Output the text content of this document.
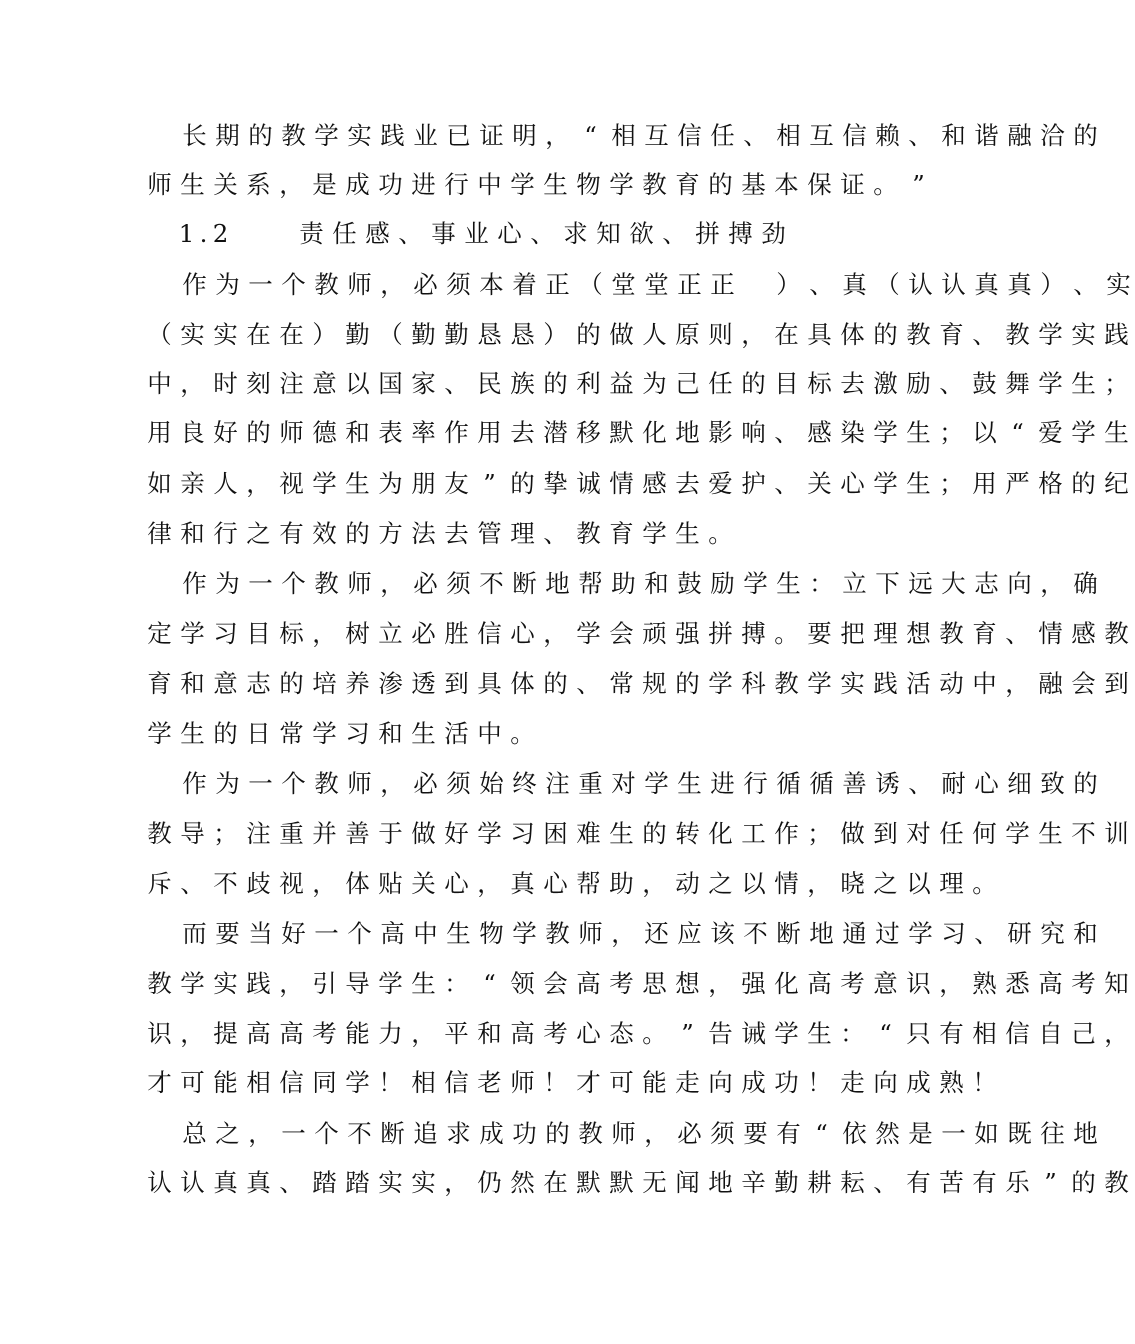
长 期 的 教 学 实 践 业 已 证 明 ， “ 相 互 信 任 、 相 互 信 赖 、 和 谐 融 洽 的
师 生 关 系 ， 是 成 功 进 行 中 学 生 物 学 教 育 的 基 本 保 证 。 ”
1 . 2

　	责 任 感 、 事 业 心 、 求 知 欲 、 拼 搏 劲
作 为 一 个 教 师 ， 必 须 本 着 正 （ 堂 堂 正 正
　 ） 、 真 （ 认 认 真 真 ） 、 实
（ 实 实 在 在 ） 勤 （ 勤 勤 恳 恳 ） 的 做 人 原 则 ， 在 具 体 的 教 育 、 教 学 实 践
中 ， 时 刻 注 意 以 国 家 、 民 族 的 利 益 为 己 任 的 目 标 去 激 励 、 鼓 舞 学 生 ；
用 良 好 的 师 德 和 表 率 作 用 去 潜 移 默 化 地 影 响 、 感 染 学 生 ； 以 “ 爱 学 生
如 亲 人 ， 视 学 生 为 朋 友 ” 的 挚 诚 情 感 去 爱 护 、 关 心 学 生 ； 用 严 格 的 纪
律 和 行 之 有 效 的 方 法 去 管 理 、 教 育 学 生 。
作 为 一 个 教 师 ， 必 须 不 断 地 帮 助 和 鼓 励 学 生 ： 立 下 远 大 志 向 ， 确
定 学 习 目 标 ， 树 立 必 胜 信 心 ， 学 会 顽 强 拼 搏 。 要 把 理 想 教 育 、 情 感 教
育 和 意 志 的 培 养 渗 透 到 具 体 的 、 常 规 的 学 科 教 学 实 践 活 动 中 ， 融 会 到
学 生 的 日 常 学 习 和 生 活 中 。
作 为 一 个 教 师 ， 必 须 始 终 注 重 对 学 生 进 行 循 循 善 诱 、 耐 心 细 致 的
教 导 ； 注 重 并 善 于 做 好 学 习 困 难 生 的 转 化 工 作 ； 做 到 对 任 何 学 生 不 训
斥 、 不 歧 视 ， 体 贴 关 心 ， 真 心 帮 助 ， 动 之 以 情 ， 晓 之 以 理 。
而 要 当 好 一 个 高 中 生 物 学 教 师 ， 还 应 该 不 断 地 通 过 学 习 、 研 究 和
教 学 实 践 ， 引 导 学 生 ： “ 领 会 高 考 思 想 ， 强 化 高 考 意 识 ， 熟 悉 高 考 知
识 ， 提 高 高 考 能 力 ， 平 和 高 考 心 态 。 ” 告 诫 学 生 ： “ 只 有 相 信 自 己 ，
才 可 能 相 信 同 学 ！ 相 信 老 师 ！ 才 可 能 走 向 成 功 ！ 走 向 成 熟 ！
总 之 ， 一 个 不 断 追 求 成 功 的 教 师 ， 必 须 要 有 “ 依 然 是 一 如 既 往 地
认 认 真 真 、 踏 踏 实 实 ， 仍 然 在 默 默 无 闻 地 辛 勤 耕 耘 、 有 苦 有 乐 ” 的 教
